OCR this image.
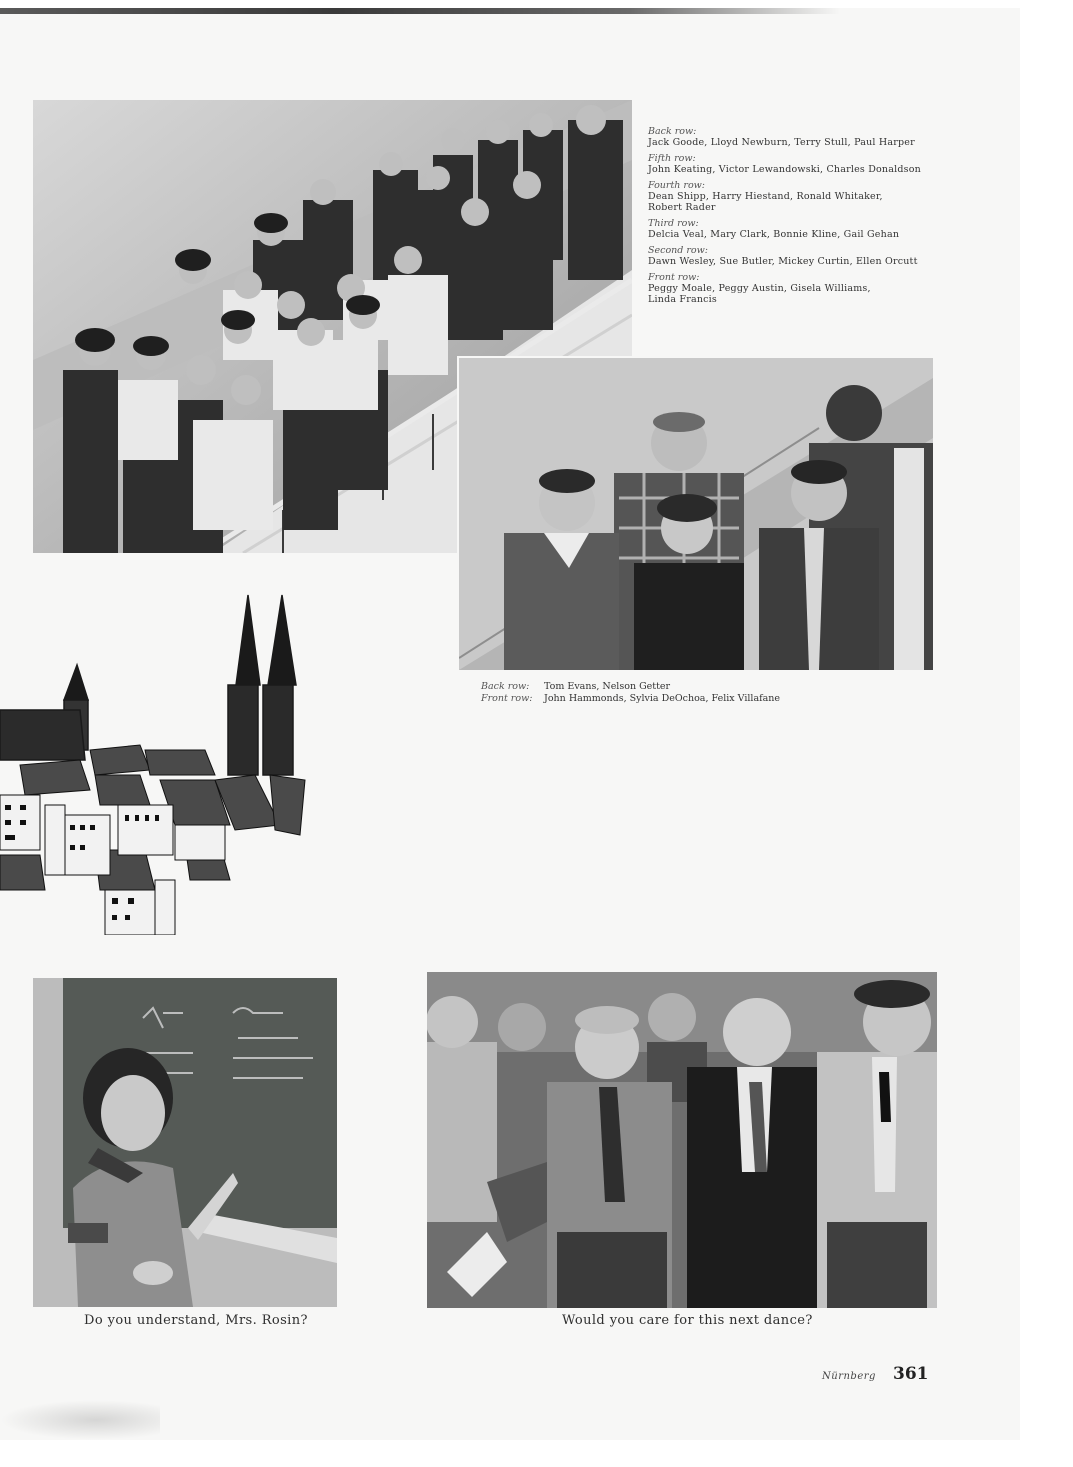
Back row:
Jack Goode, Lloyd Newburn, Terry Stull, Paul Harper
Fifth row:
John Keating, Victor Lewandowski, Charles Donaldson
Fourth row:
Dean Shipp, Harry Hiestand, Ronald Whitaker, Robert Rader
Third row:
Delcia Veal, Mary Clark, Bonnie Kline, Gail Gehan
Second row:
Dawn Wesley, Sue Butler, Mickey Curtin, Ellen Orcutt
Front row:
Peggy Moale, Peggy Austin, Gisela Williams, Linda Francis
Back row: Tom Evans, Nelson Getter
Front row: John Hammonds, Sylvia DeOchoa, Felix Villafane
Do you understand, Mrs. Rosin?	Would you care for this next dance?
Nürnberg 361
